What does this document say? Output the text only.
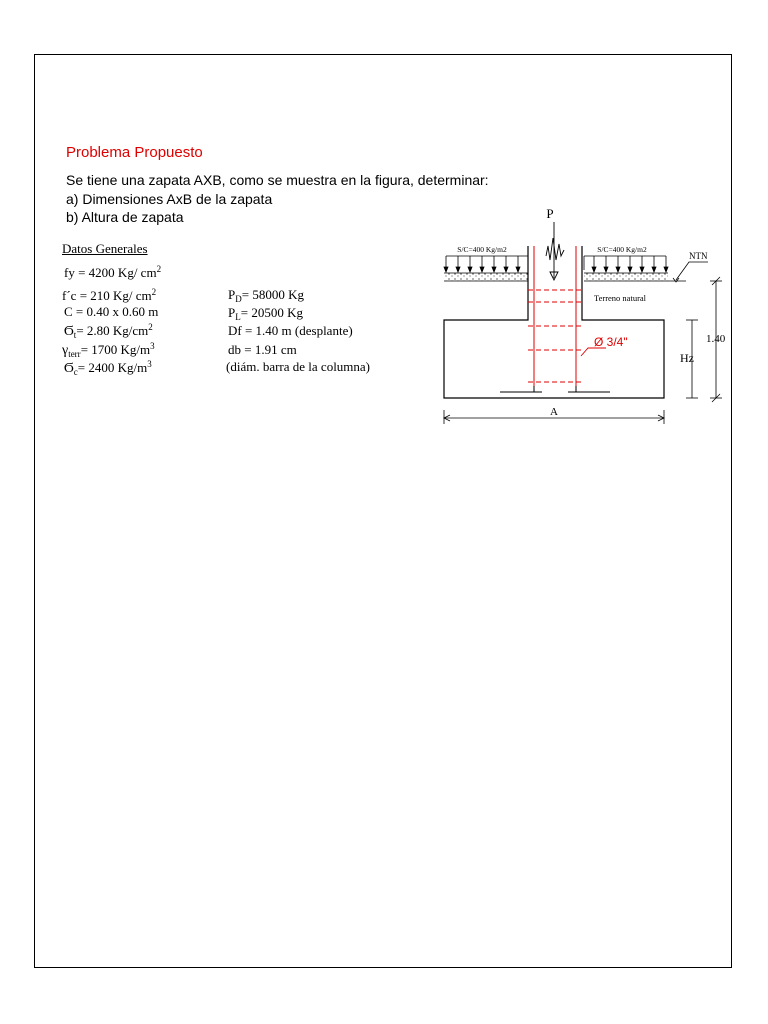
Problema Propuesto
Se tiene una zapata AXB, como se muestra en la figura, determinar:
a) Dimensiones AxB de la zapata
b) Altura de zapata
Datos Generales
fy = 4200 Kg/ $cm^2$
f´c = 210 Kg/ $cm^2$
C = 0.40 x 0.60 m
$Ϭ_t= 2.80$ $Kg/cm^2$
$\gamma_{terr}= 1700$ $Kg/m^3$
$Ϭ_c= 2400$ $Kg/m^3$
$P_D= 58000$ Kg
$P_L= 20500$ Kg
Df = 1.40 m (desplante)
db = 1.91 cm
(diám. barra de la columna)
P
S/C=400 Kg/m2	S/C=400 Kg/m2
NTN
Terreno natural
Ø 3/4"	1.40
Hz
A
